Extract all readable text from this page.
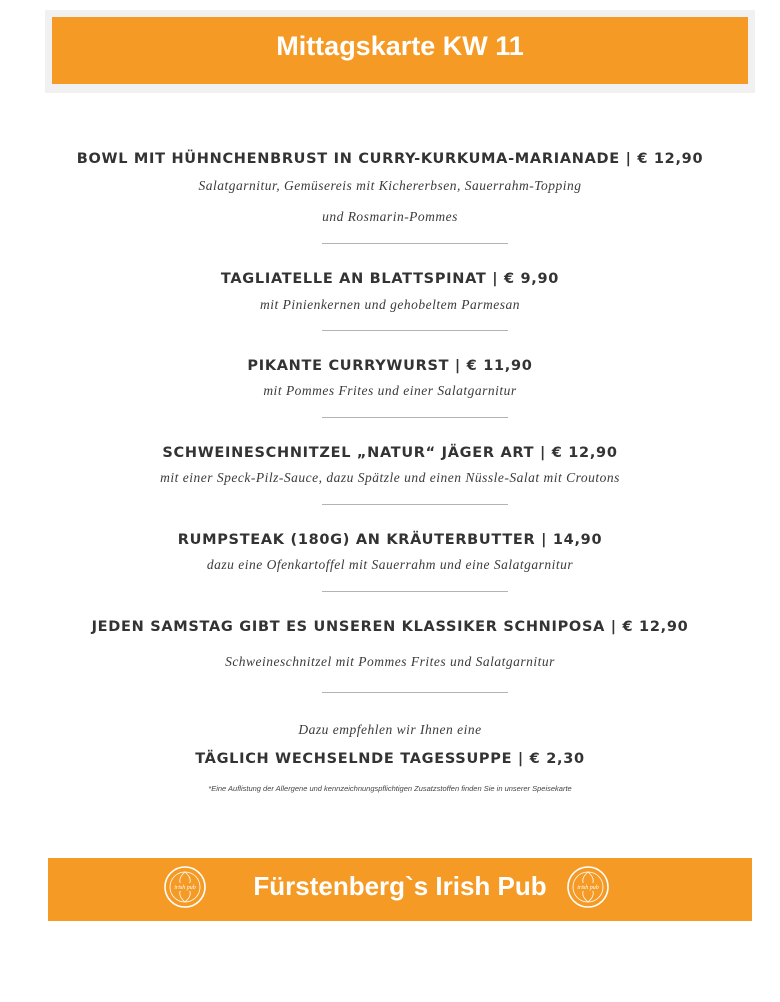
Mittagskarte KW 11
BOWL MIT HÜHNCHENBRUST IN CURRY-KURKUMA-MARIANADE | € 12,90
Salatgarnitur, Gemüsereis mit Kichererbsen, Sauerrahm-Topping
und Rosmarin-Pommes
TAGLIATELLE AN BLATTSPINAT | € 9,90
mit Pinienkernen und gehobeltem Parmesan
PIKANTE CURRYWURST | € 11,90
mit Pommes Frites und einer Salatgarnitur
SCHWEINESCHNITZEL „NATUR“ JÄGER ART | € 12,90
mit einer Speck-Pilz-Sauce, dazu Spätzle und einen Nüssle-Salat mit Croutons
RUMPSTEAK (180G) AN KRÄUTERBUTTER | 14,90
dazu eine Ofenkartoffel mit Sauerrahm und eine Salatgarnitur
JEDEN SAMSTAG GIBT ES UNSEREN KLASSIKER SCHNIPOSA | € 12,90
Schweineschnitzel mit Pommes Frites und Salatgarnitur
Dazu empfehlen wir Ihnen eine
TÄGLICH WECHSELNDE TAGESSUPPE | € 2,30
*Eine Auflistung der Allergene und kennzeichnungspflichtigen Zusatzstoffen finden Sie in unserer Speisekarte
Fürstenberg`s Irish Pub
irish pub	irish pub
